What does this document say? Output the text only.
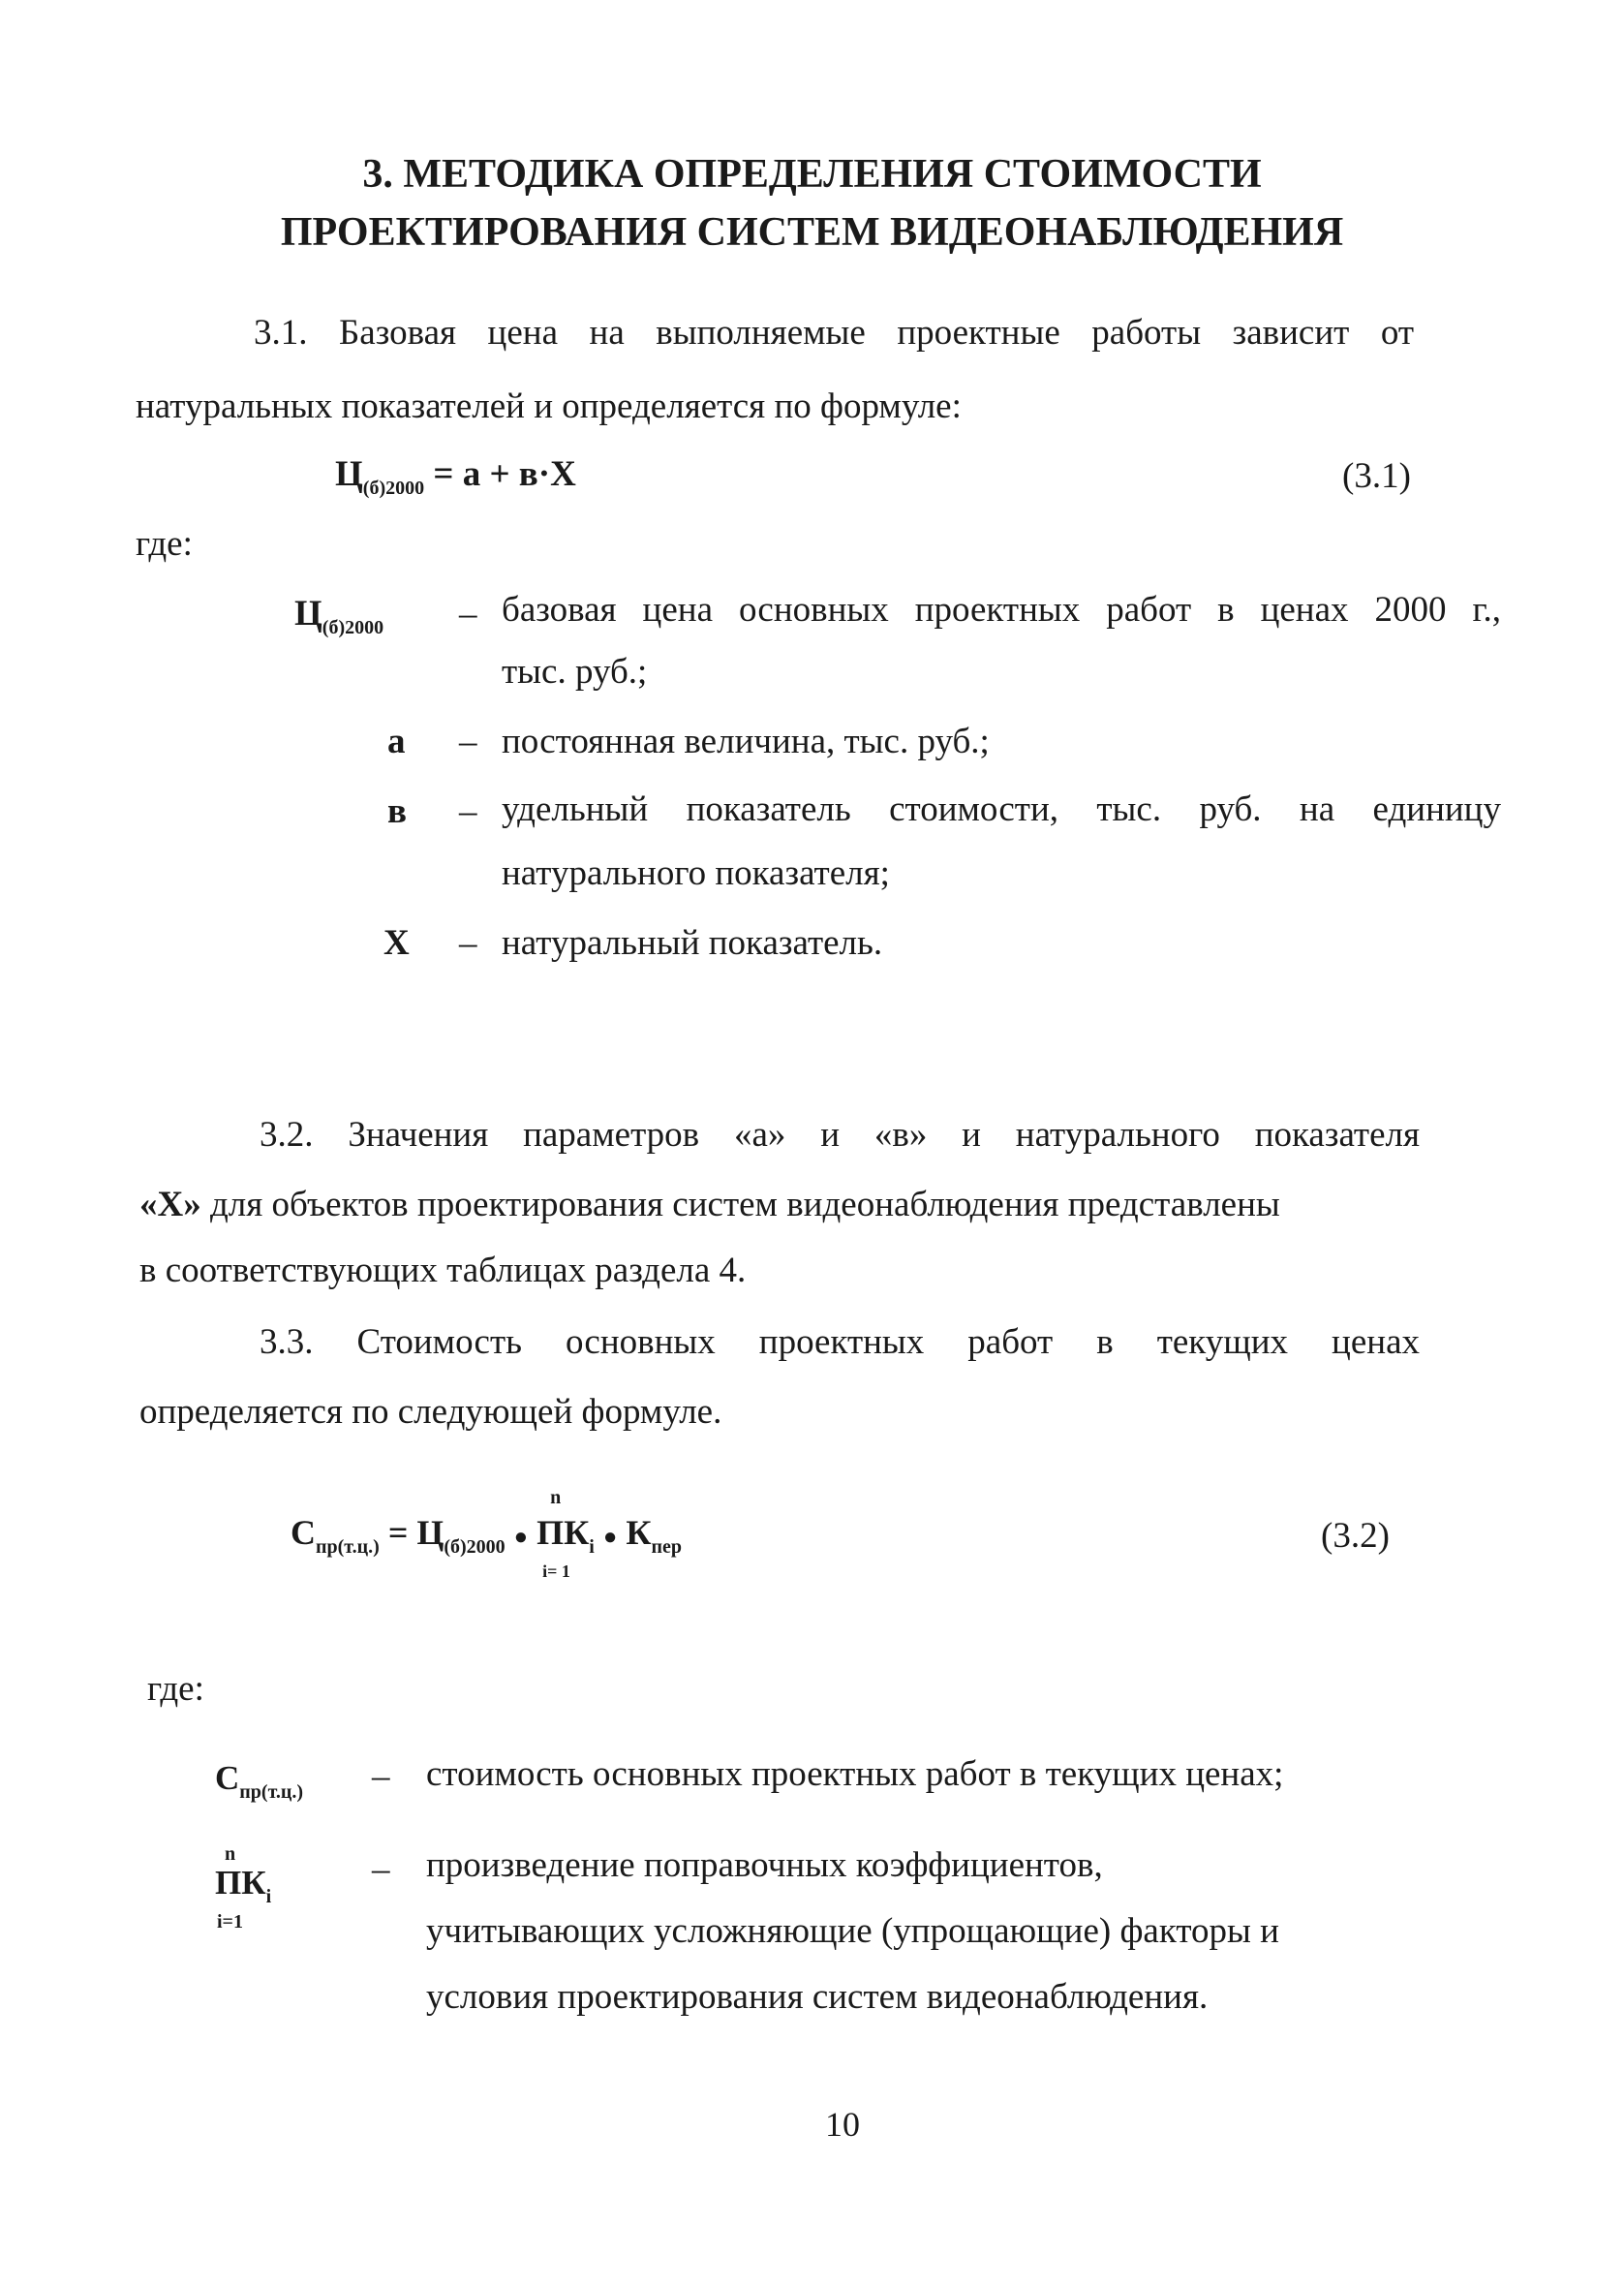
3. МЕТОДИКА ОПРЕДЕЛЕНИЯ СТОИМОСТИ
ПРОЕКТИРОВАНИЯ СИСТЕМ ВИДЕОНАБЛЮДЕНИЯ
3.1. Базовая цена на выполняемые проектные работы зависит от
натуральных показателей и определяется по формуле:
$Ц_{(б)2000} = а + в\cdot Х$	(3.1)
где:
$Ц_{(б)2000}$ – базовая цена основных проектных работ в ценах 2000 г.,
тыс. руб.;
а – постоянная величина, тыс. руб.;
в – удельный показатель стоимости, тыс. руб. на единицу
натурального показателя;
Х – натуральный показатель.
3.2. Значения параметров «а» и «в» и натурального показателя
«Х» для объектов проектирования систем видеонаблюдения представлены
в соответствующих таблицах раздела 4.
3.3. Стоимость основных проектных работ в текущих ценах
определяется по следующей формуле.
$С_{пр(т.ц.)} = Ц_{(б)2000}$ ●
n
$ПК_i$
i= 1
● $К_{пер}$	(3.2)
где:
$С_{пр(т.ц.)}$ – стоимость основных проектных работ в текущих ценах;
n
$ПК_i$
i=1
– произведение поправочных коэффициентов,
учитывающих усложняющие (упрощающие) факторы и
условия проектирования систем видеонаблюдения.
10
